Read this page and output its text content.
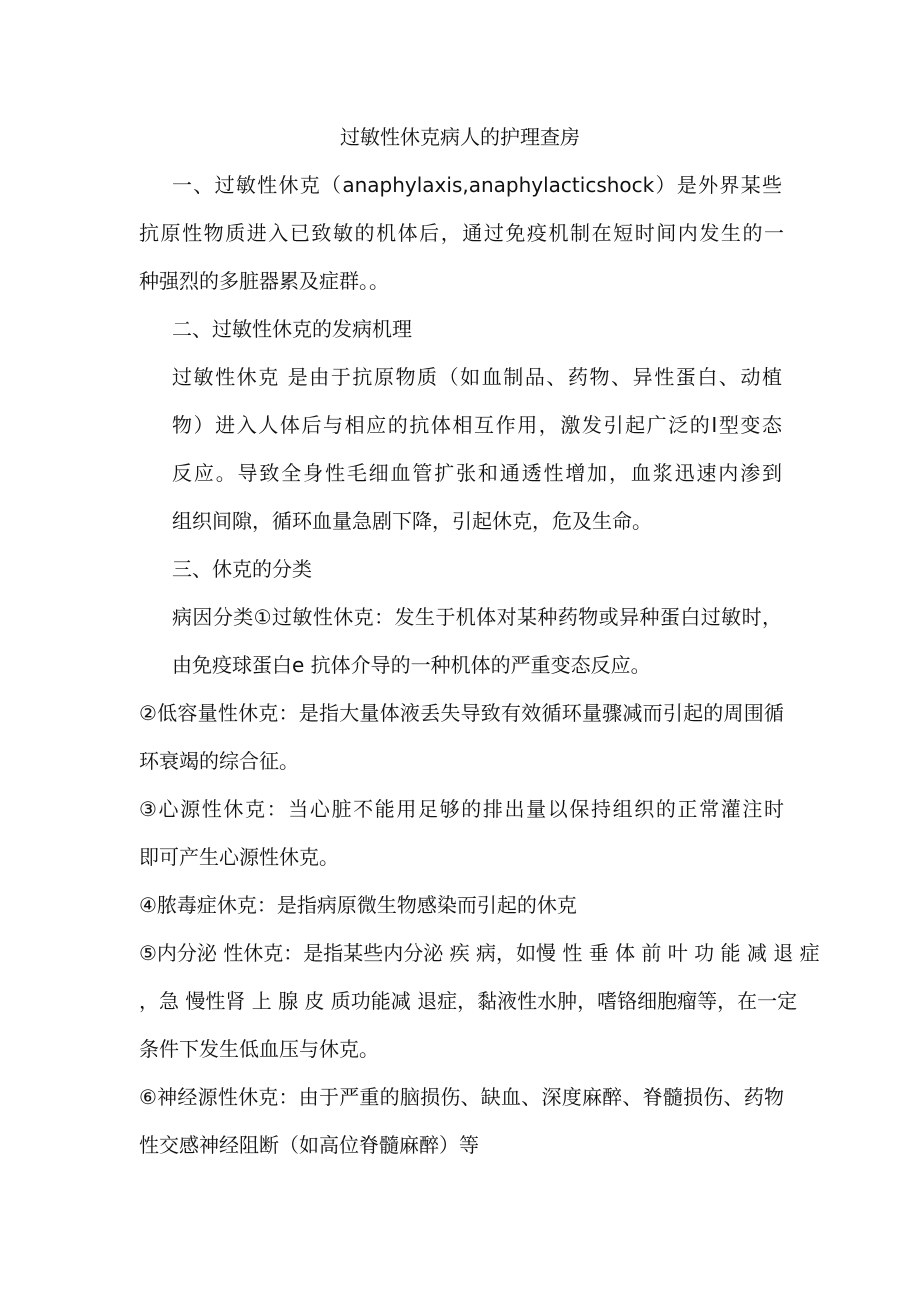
过敏性休克病人的护理查房
一、过敏性休克（anaphylaxis,anaphylacticshock）是外界某些
抗原性物质进入已致敏的机体后，通过免疫机制在短时间内发生的一
种强烈的多脏器累及症群。。
二、过敏性休克的发病机理
过敏性休克 是由于抗原物质（如血制品、药物、异性蛋白、动植
物）进入人体后与相应的抗体相互作用，激发引起广泛的Ⅰ型变态
反应。导致全身性毛细血管扩张和通透性增加，血浆迅速内渗到
组织间隙，循环血量急剧下降，引起休克，危及生命。
三、休克的分类
病因分类①过敏性休克：发生于机体对某种药物或异种蛋白过敏时，
由免疫球蛋白e 抗体介导的一种机体的严重变态反应。
②低容量性休克：是指大量体液丢失导致有效循环量骤减而引起的周围循
环衰竭的综合征。
③心源性休克：当心脏不能用足够的排出量以保持组织的正常灌注时
即可产生心源性休克。
④脓毒症休克：是指病原微生物感染而引起的休克
⑤内分泌 性休克：是指某些内分泌 疾 病，如慢 性 垂 体 前 叶 功 能 减 退 症
，急 慢性肾 上 腺 皮 质功能减 退症，黏液性水肿，嗜铬细胞瘤等，在一定
条件下发生低血压与休克。
⑥神经源性休克：由于严重的脑损伤、缺血、深度麻醉、脊髓损伤、药物
性交感神经阻断（如高位脊髓麻醉）等
